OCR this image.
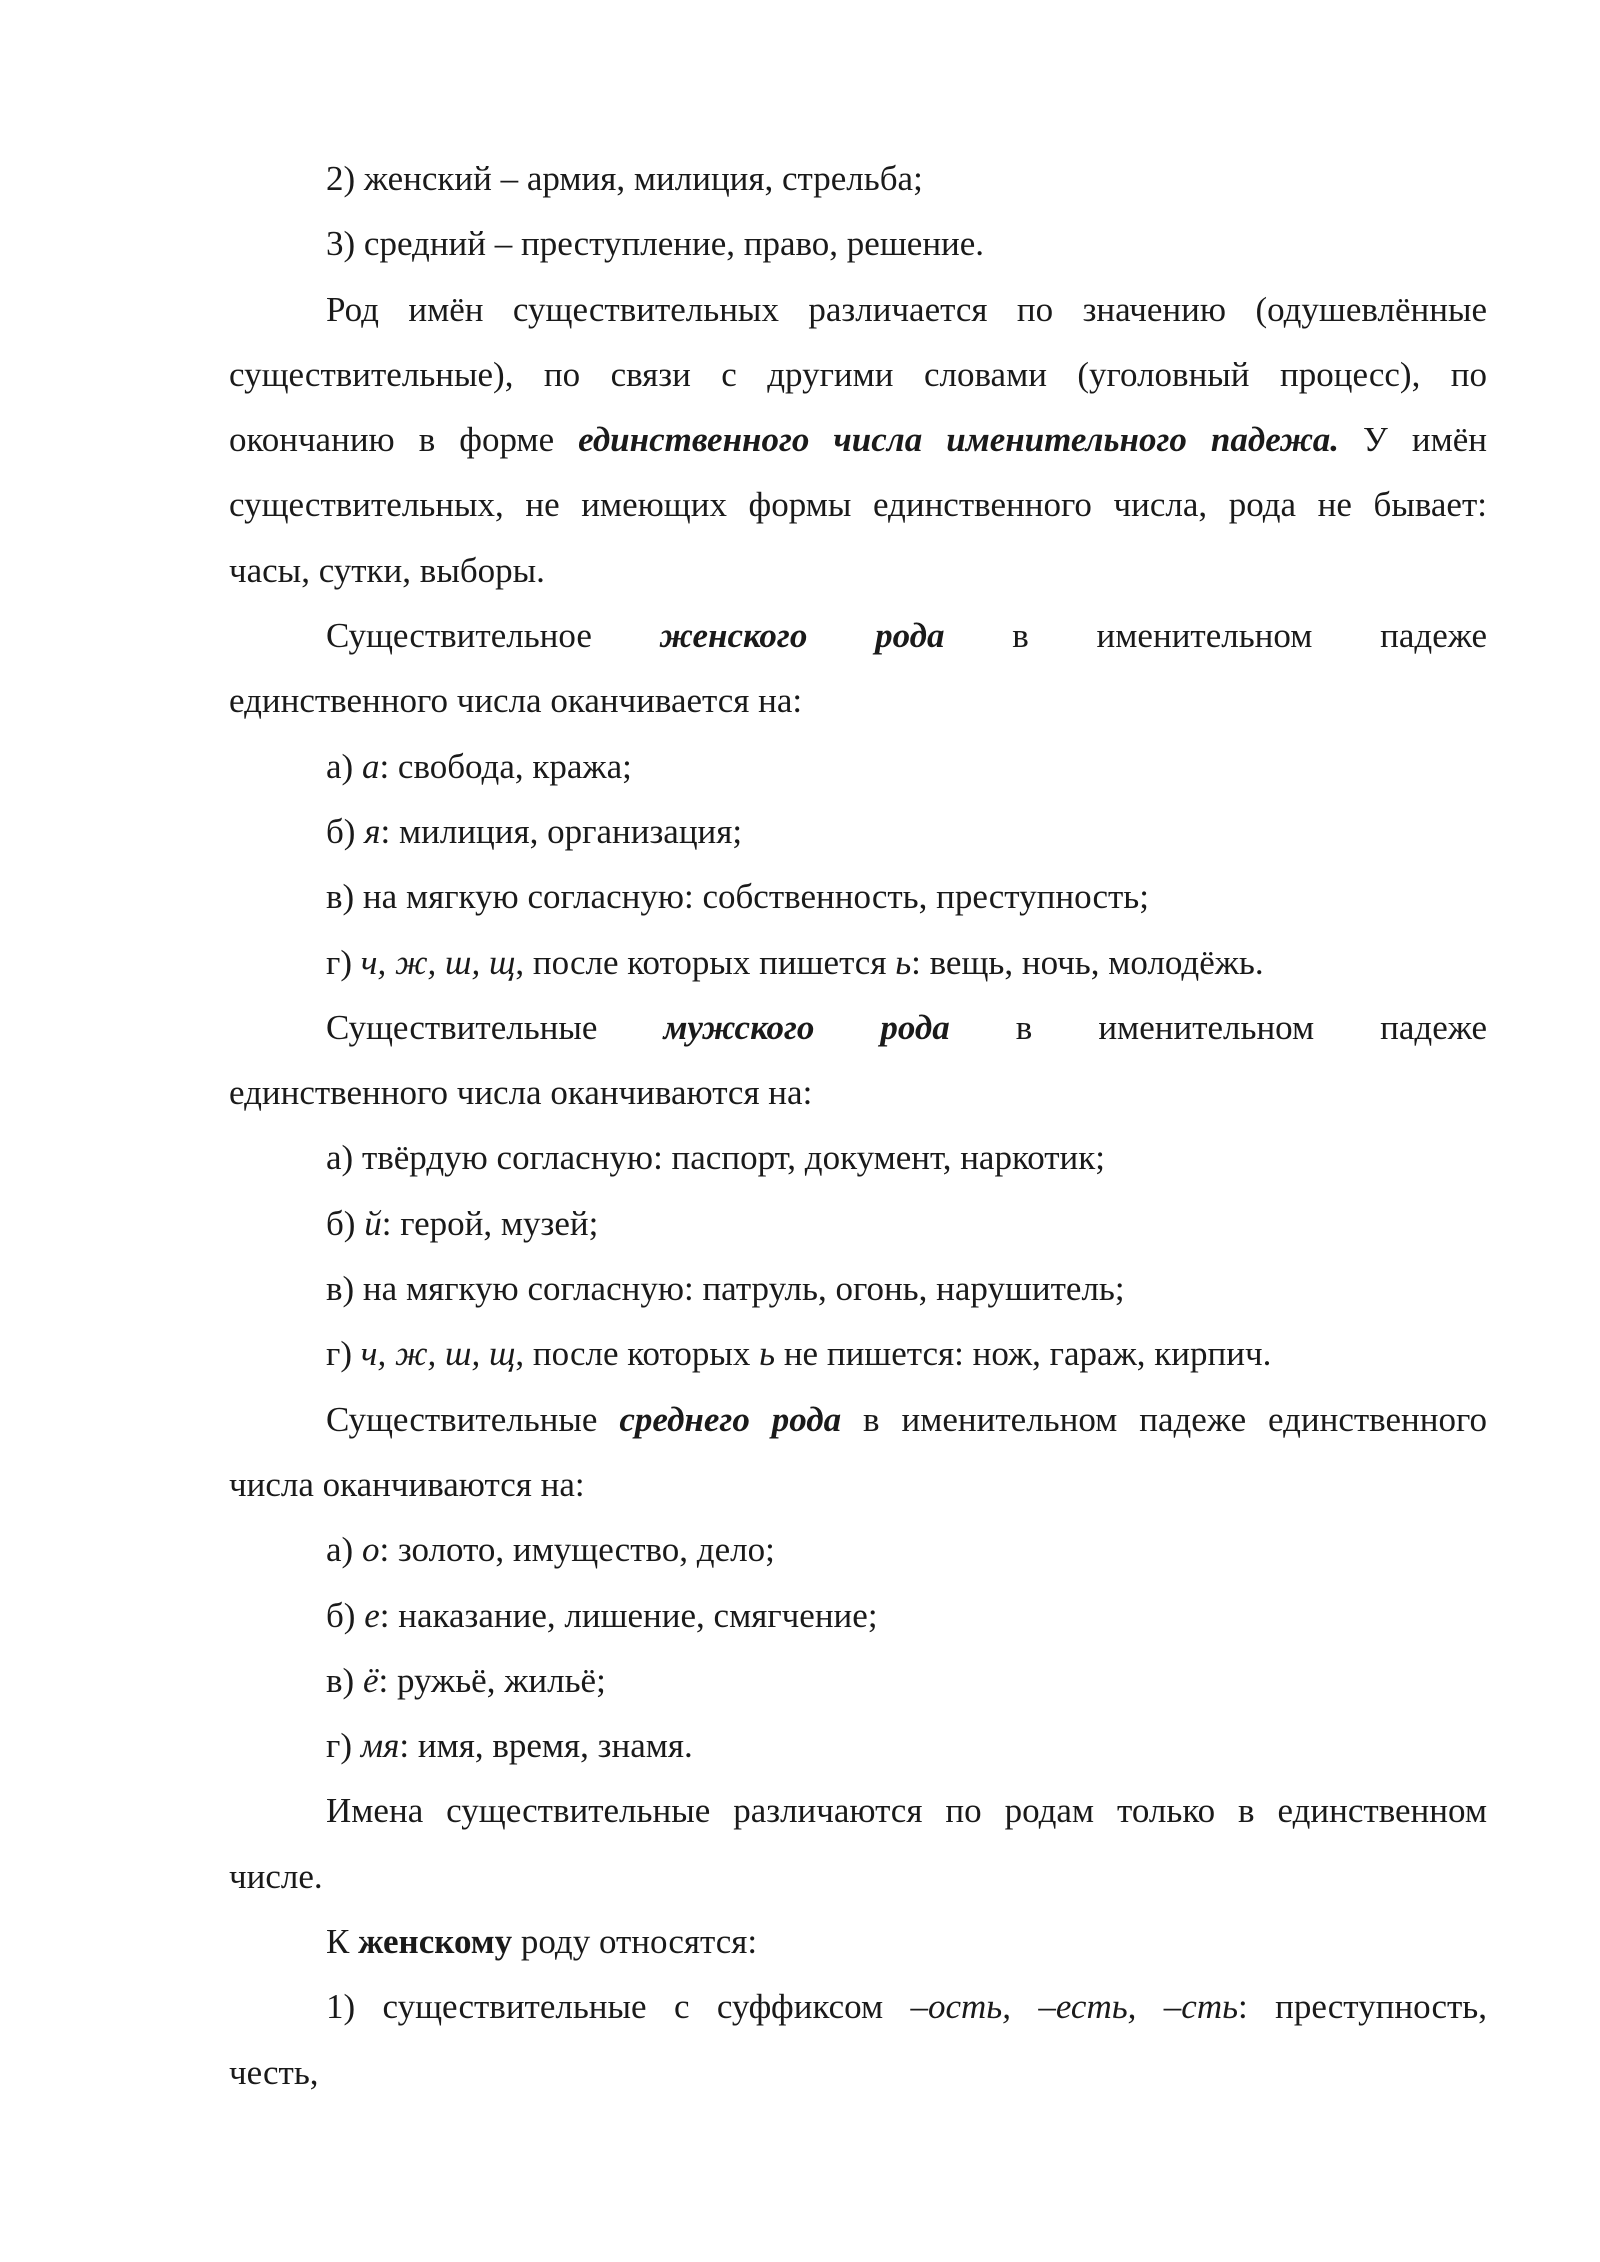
2) женский – армия, милиция, стрельба;
3) средний – преступление, право, решение.
Род имён существительных различается по значению (одушевлённые
существительные), по связи с другими словами (уголовный процесс), по
окончанию в форме единственного числа именительного падежа. У имён
существительных, не имеющих формы единственного числа, рода не бывает:
часы, сутки, выборы.
Существительное женского рода в именительном падеже
единственного числа оканчивается на:
а) а: свобода, кража;
б) я: милиция, организация;
в) на мягкую согласную: собственность, преступность;
г) ч, ж, ш, щ, после которых пишется ь: вещь, ночь, молодёжь.
Существительные мужского рода в именительном падеже
единственного числа оканчиваются на:
а) твёрдую согласную: паспорт, документ, наркотик;
б) й: герой, музей;
в) на мягкую согласную: патруль, огонь, нарушитель;
г) ч, ж, ш, щ, после которых ь не пишется: нож, гараж, кирпич.
Существительные среднего рода в именительном падеже единственного
числа оканчиваются на:
а) о: золото, имущество, дело;
б) е: наказание, лишение, смягчение;
в) ё: ружьё, жильё;
г) мя: имя, время, знамя.
Имена существительные различаются по родам только в единственном
числе.
К женскому роду относятся:
1) существительные с суффиксом –ость, –есть, –сть: преступность,
честь,
